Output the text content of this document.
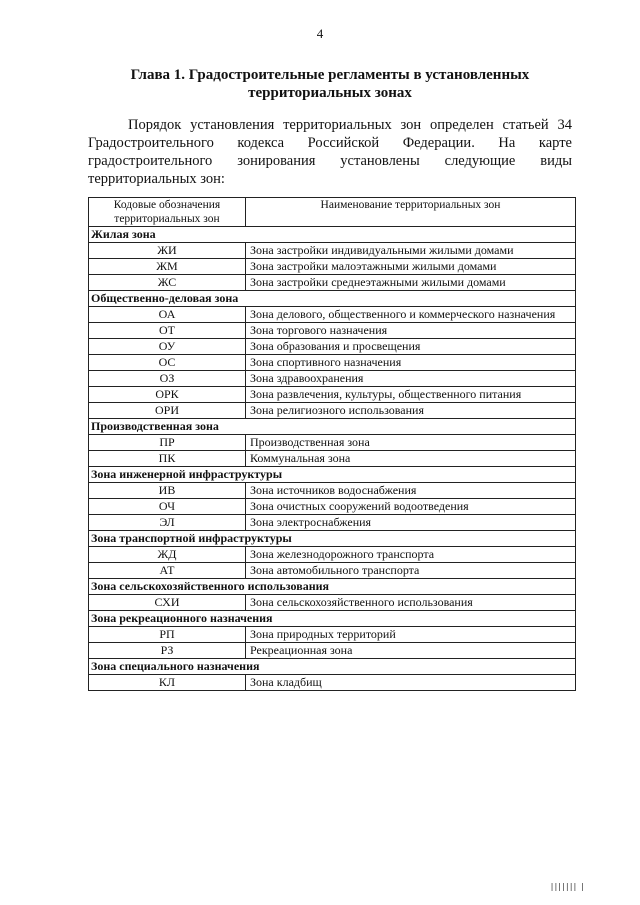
4
Глава 1. Градостроительные регламенты в установленных
территориальных зонах

Порядок установления территориальных зон определен статьей 34 Градостроительного кодекса Российской Федерации. На карте градостроительного зонирования установлены следующие виды территориальных зон:

Кодовые обозначения территориальных зон	Наименование территориальных зон
Жилая зона	
ЖИ	Зона застройки индивидуальными жилыми домами
ЖМ	Зона застройки малоэтажными жилыми домами
ЖС	Зона застройки среднеэтажными жилыми домами
Общественно-деловая зона	
ОА	Зона делового, общественного и коммерческого назначения
ОТ	Зона торгового назначения
ОУ	Зона образования и просвещения
ОС	Зона спортивного назначения
ОЗ	Зона здравоохранения
ОРК	Зона развлечения, культуры, общественного питания
ОРИ	Зона религиозного использования
Производственная зона	
ПР	Производственная зона
ПК	Коммунальная зона
Зона инженерной инфраструктуры	
ИВ	Зона источников водоснабжения
ОЧ	Зона очистных сооружений водоотведения
ЭЛ	Зона электроснабжения
Зона транспортной инфраструктуры	
ЖД	Зона железнодорожного транспорта
АТ	Зона автомобильного транспорта
Зона сельскохозяйственного использования	
СХИ	Зона сельскохозяйственного использования
Зона рекреационного назначения	
РП	Зона природных территорий
РЗ	Рекреационная зона
Зона специального назначения	
КЛ	Зона кладбищ
||||||| |
